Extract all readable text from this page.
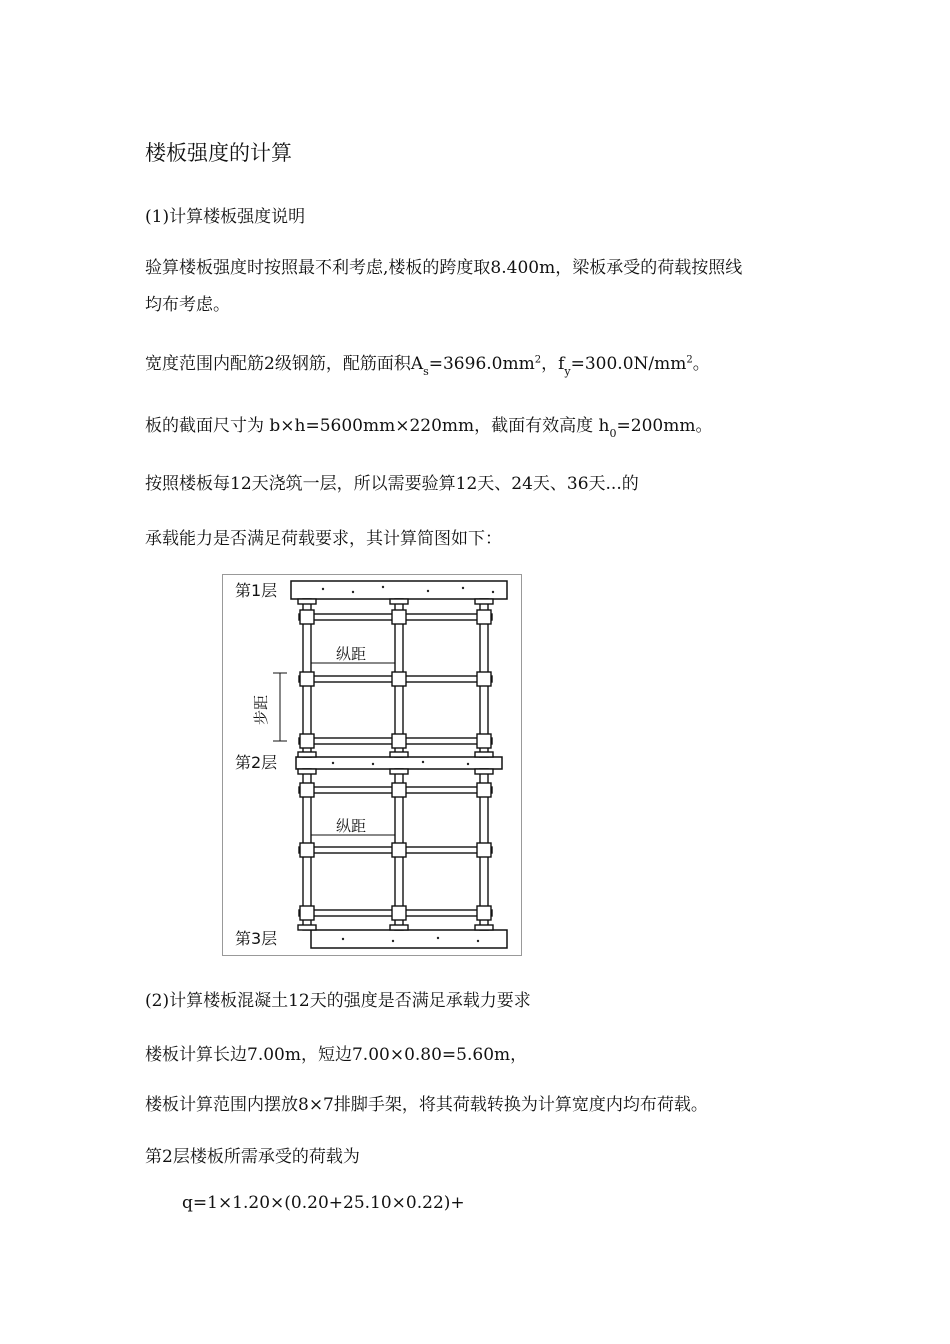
楼板强度的计算
(1)计算楼板强度说明
验算楼板强度时按照最不利考虑,楼板的跨度取8.400m，梁板承受的荷载按照线
均布考虑。
宽度范围内配筋2级钢筋，配筋面积$A_s=3696.0mm^2$，$f_y=300.0N/mm^2$。
板的截面尺寸为 b×h=5600mm×220mm，截面有效高度 $h_0=200mm$。
按照楼板每12天浇筑一层，所以需要验算12天、24天、36天...的
承载能力是否满足荷载要求，其计算简图如下：
纵距
纵距
步距
第1层
第2层
第3层
(2)计算楼板混凝土12天的强度是否满足承载力要求
楼板计算长边7.00m，短边7.00×0.80=5.60m，
楼板计算范围内摆放8×7排脚手架，将其荷载转换为计算宽度内均布荷载。
第2层楼板所需承受的荷载为
q=1×1.20×(0.20+25.10×0.22)+
